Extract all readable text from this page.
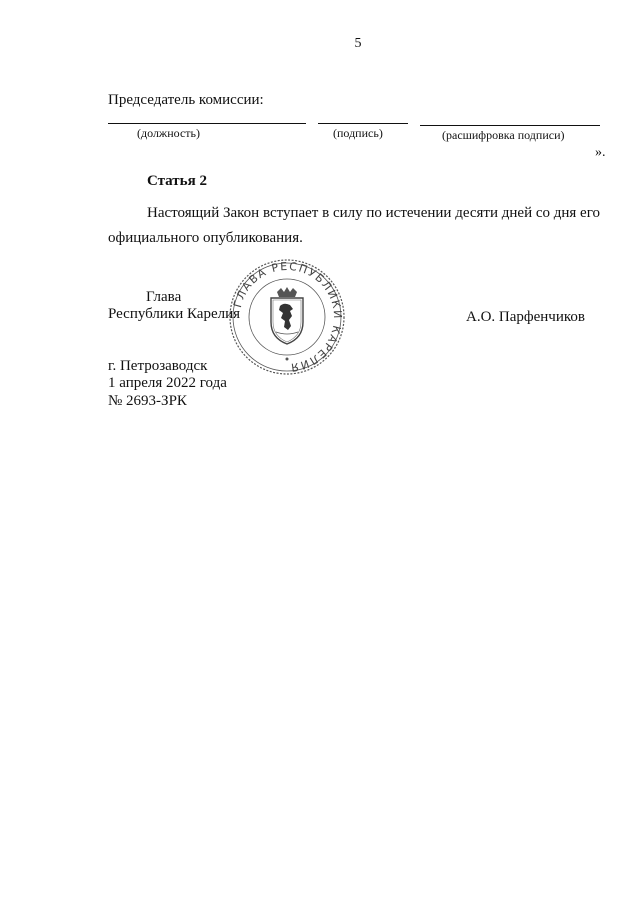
5
Председатель комиссии:
(должность)	(подпись)	(расшифровка подписи)
».
Статья 2
Настоящий Закон вступает в силу по истечении десяти дней со дня его
официального опубликования.
ГЛАВА РЕСПУБЛИКИ КАРЕЛИЯ
Глава
Республики Карелия	А.О. Парфенчиков
г. Петрозаводск
1 апреля 2022 года
№ 2693-ЗРК
